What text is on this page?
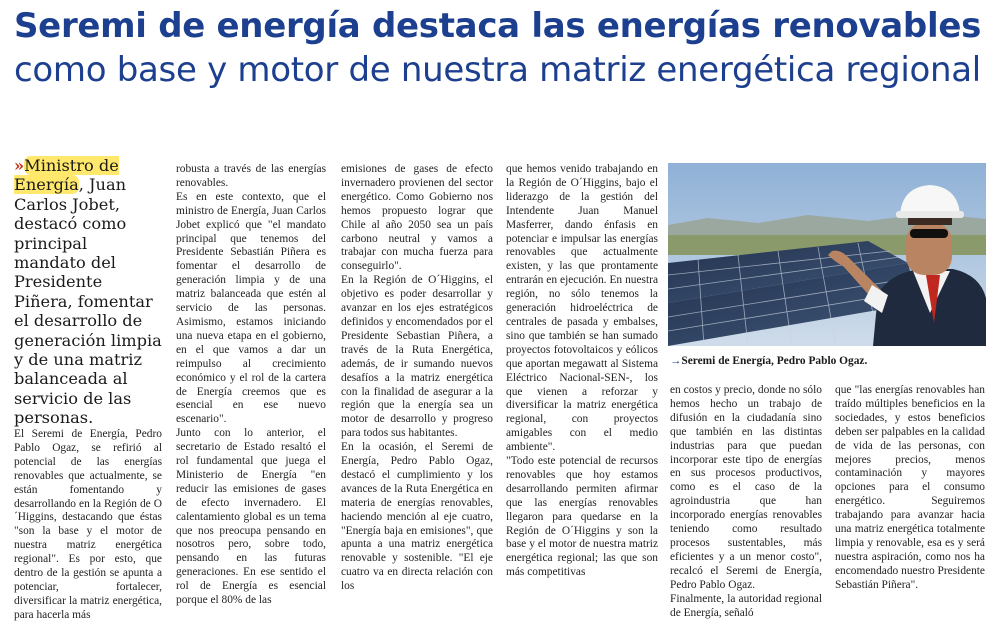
Seremi de energía destaca las energías renovables
como base y motor de nuestra matriz energética regional
»Ministro de Energía, Juan Carlos Jobet, destacó como principal mandato del Presidente Piñera, fomentar el desarrollo de generación limpia y de una matriz balanceada al servicio de las personas.

El Seremi de Energía, Pedro Pablo Ogaz, se refirió al potencial de las energías renovables que actualmente, se están fomentando y desarrollando en la Región de O´Higgins, destacando que éstas "son la base y el motor de nuestra matriz energética regional". Es por esto, que dentro de la gestión se apunta a potenciar, fortalecer, diversificar la matriz energética, para hacerla más

robusta a través de las energías renovables.

Es en este contexto, que el ministro de Energía, Juan Carlos Jobet explicó que "el mandato principal que tenemos del Presidente Sebastián Piñera es fomentar el desarrollo de generación limpia y de una matriz balanceada que estén al servicio de las personas. Asimismo, estamos iniciando una nueva etapa en el gobierno, en el que vamos a dar un reimpulso al crecimiento económico y el rol de la cartera de Energía creemos que es esencial en ese nuevo escenario".

Junto con lo anterior, el secretario de Estado resaltó el rol fundamental que juega el Ministerio de Energía "en reducir las emisiones de gases de efecto invernadero. El calentamiento global es un tema que nos preocupa pensando en nosotros pero, sobre todo, pensando en las futuras generaciones. En ese sentido el rol de Energía es esencial porque el 80% de las

emisiones de gases de efecto invernadero provienen del sector energético. Como Gobierno nos hemos propuesto lograr que Chile al año 2050 sea un país carbono neutral y vamos a trabajar con mucha fuerza para conseguirlo".

En la Región de O´Higgins, el objetivo es poder desarrollar y avanzar en los ejes estratégicos definidos y encomendados por el Presidente Sebastian Piñera, a través de la Ruta Energética, además, de ir sumando nuevos desafíos a la matriz energética con la finalidad de asegurar a la región que la energía sea un motor de desarrollo y progreso para todos sus habitantes.

En la ocasión, el Seremi de Energía, Pedro Pablo Ogaz, destacó el cumplimiento y los avances de la Ruta Energética en materia de energías renovables, haciendo mención al eje cuatro, "Energía baja en emisiones", que apunta a una matriz energética renovable y sostenible. "El eje cuatro va en directa relación con los

que hemos venido trabajando en la Región de O´Higgins, bajo el liderazgo de la gestión del Intendente Juan Manuel Masferrer, dando énfasis en potenciar e impulsar las energías renovables que actualmente existen, y las que prontamente entrarán en ejecución. En nuestra región, no sólo tenemos la generación hidroeléctrica de centrales de pasada y embalses, sino que también se han sumado proyectos fotovoltaicos y eólicos que aportan megawatt al Sistema Eléctrico Nacional-SEN-, los que vienen a reforzar y diversificar la matriz energética regional, con proyectos amigables con el medio ambiente".

"Todo este potencial de recursos renovables que hoy estamos desarrollando permiten afirmar que las energías renovables llegaron para quedarse en la Región de O´Higgins y son la base y el motor de nuestra matriz energética regional; las que son más competitivas

→Seremi de Energía, Pedro Pablo Ogaz.

en costos y precio, donde no sólo hemos hecho un trabajo de difusión en la ciudadanía sino que también en las distintas industrias para que puedan incorporar este tipo de energías en sus procesos productivos, como es el caso de la agroindustria que han incorporado energías renovables teniendo como resultado procesos sustentables, más eficientes y a un menor costo", recalcó el Seremi de Energía, Pedro Pablo Ogaz.

Finalmente, la autoridad regional de Energía, señaló

que "las energías renovables han traído múltiples beneficios en la sociedades, y estos beneficios deben ser palpables en la calidad de vida de las personas, con mejores precios, menos contaminación y mayores opciones para el consumo energético. Seguiremos trabajando para avanzar hacia una matriz energética totalmente limpia y renovable, esa es y será nuestra aspiración, como nos ha encomendado nuestro Presidente Sebastián Piñera".
